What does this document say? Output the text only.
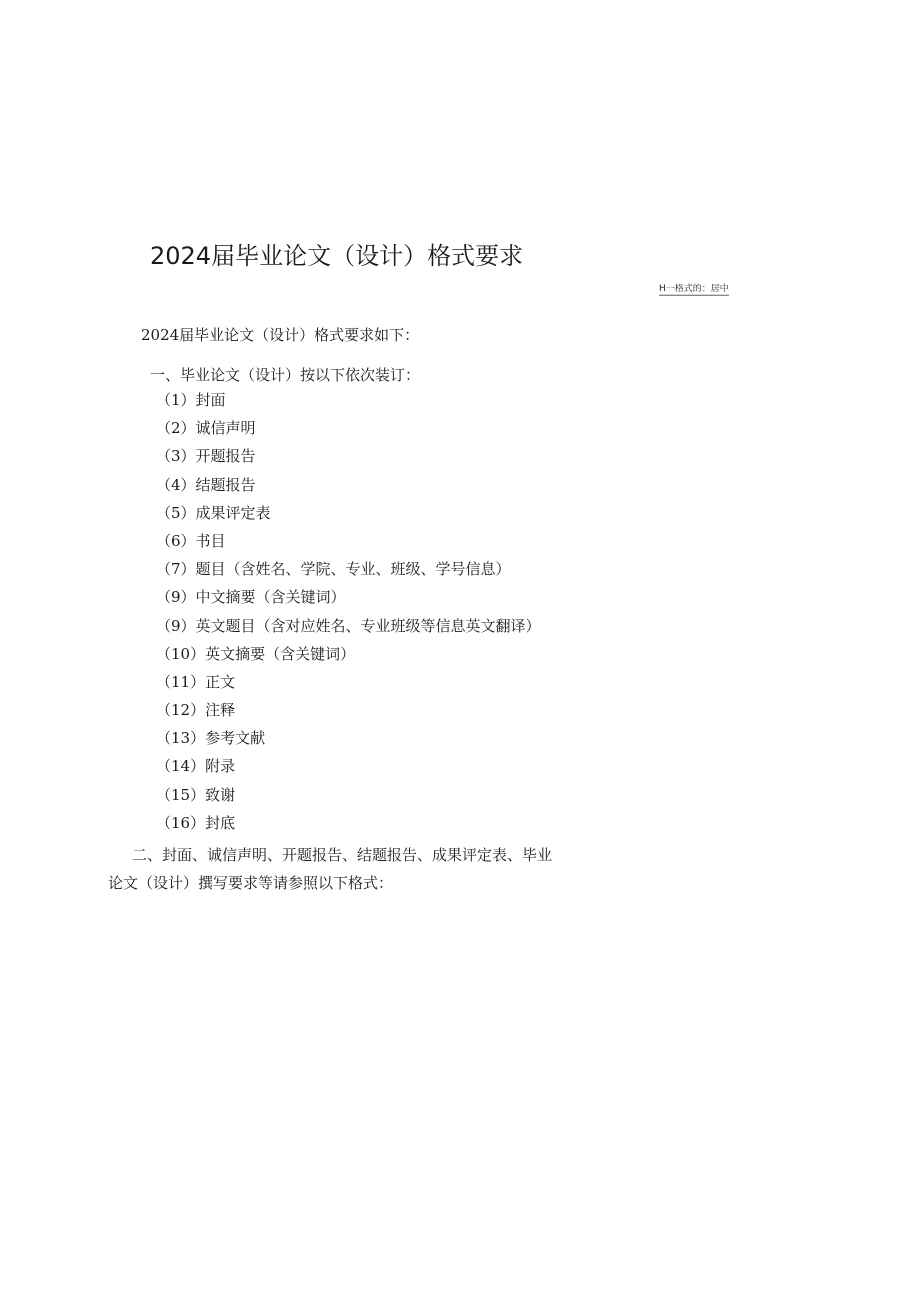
2024届毕业论文（设计）格式要求
H一格式的：居中
2024届毕业论文（设计）格式要求如下：
一、毕业论文（设计）按以下依次装订：
（1）封面
（2）诚信声明
（3）开题报告
（4）结题报告
（5）成果评定表
（6）书目
（7）题目（含姓名、学院、专业、班级、学号信息）
（9）中文摘要（含关键词）
（9）英文题目（含对应姓名、专业班级等信息英文翻译）
（10）英文摘要（含关键词）
（11）正文
（12）注释
（13）参考文献
（14）附录
（15）致谢
（16）封底

二、封面、诚信声明、开题报告、结题报告、成果评定表、毕业
论文（设计）撰写要求等请参照以下格式：
